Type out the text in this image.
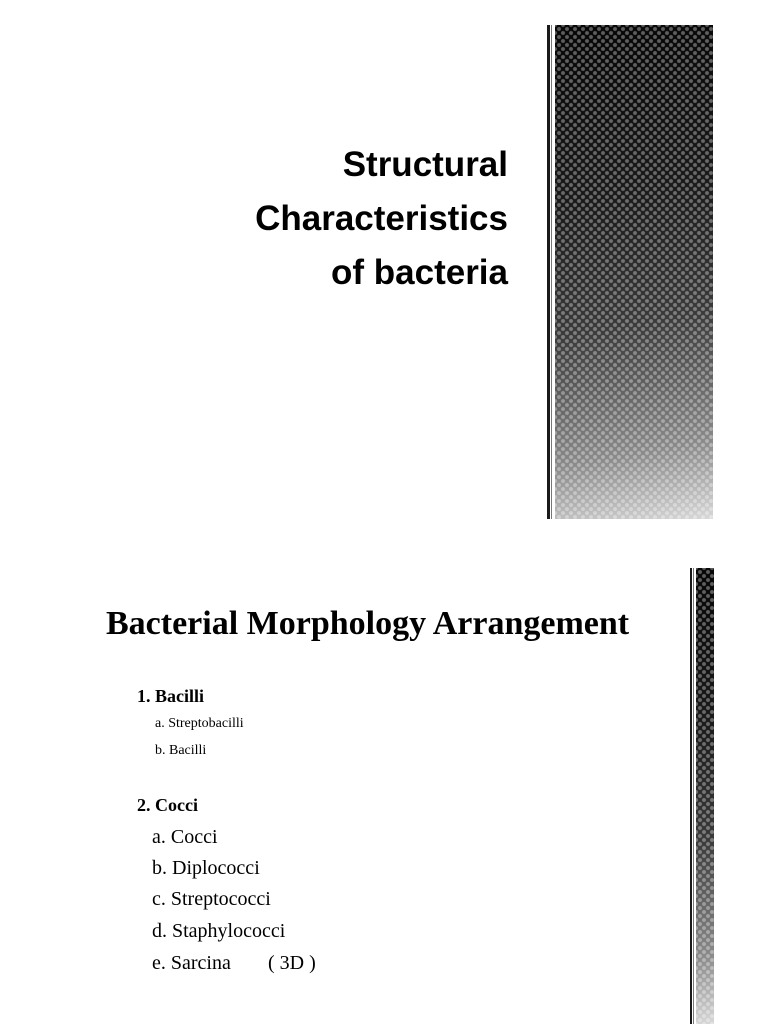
Structural
Characteristics
of bacteria
Bacterial Morphology Arrangement
1. Bacilli
a. Streptobacilli
b. Bacilli
2. Cocci
a. Cocci
b. Diplococci
c. Streptococci
d. Staphylococci
e. Sarcina ( 3D )
